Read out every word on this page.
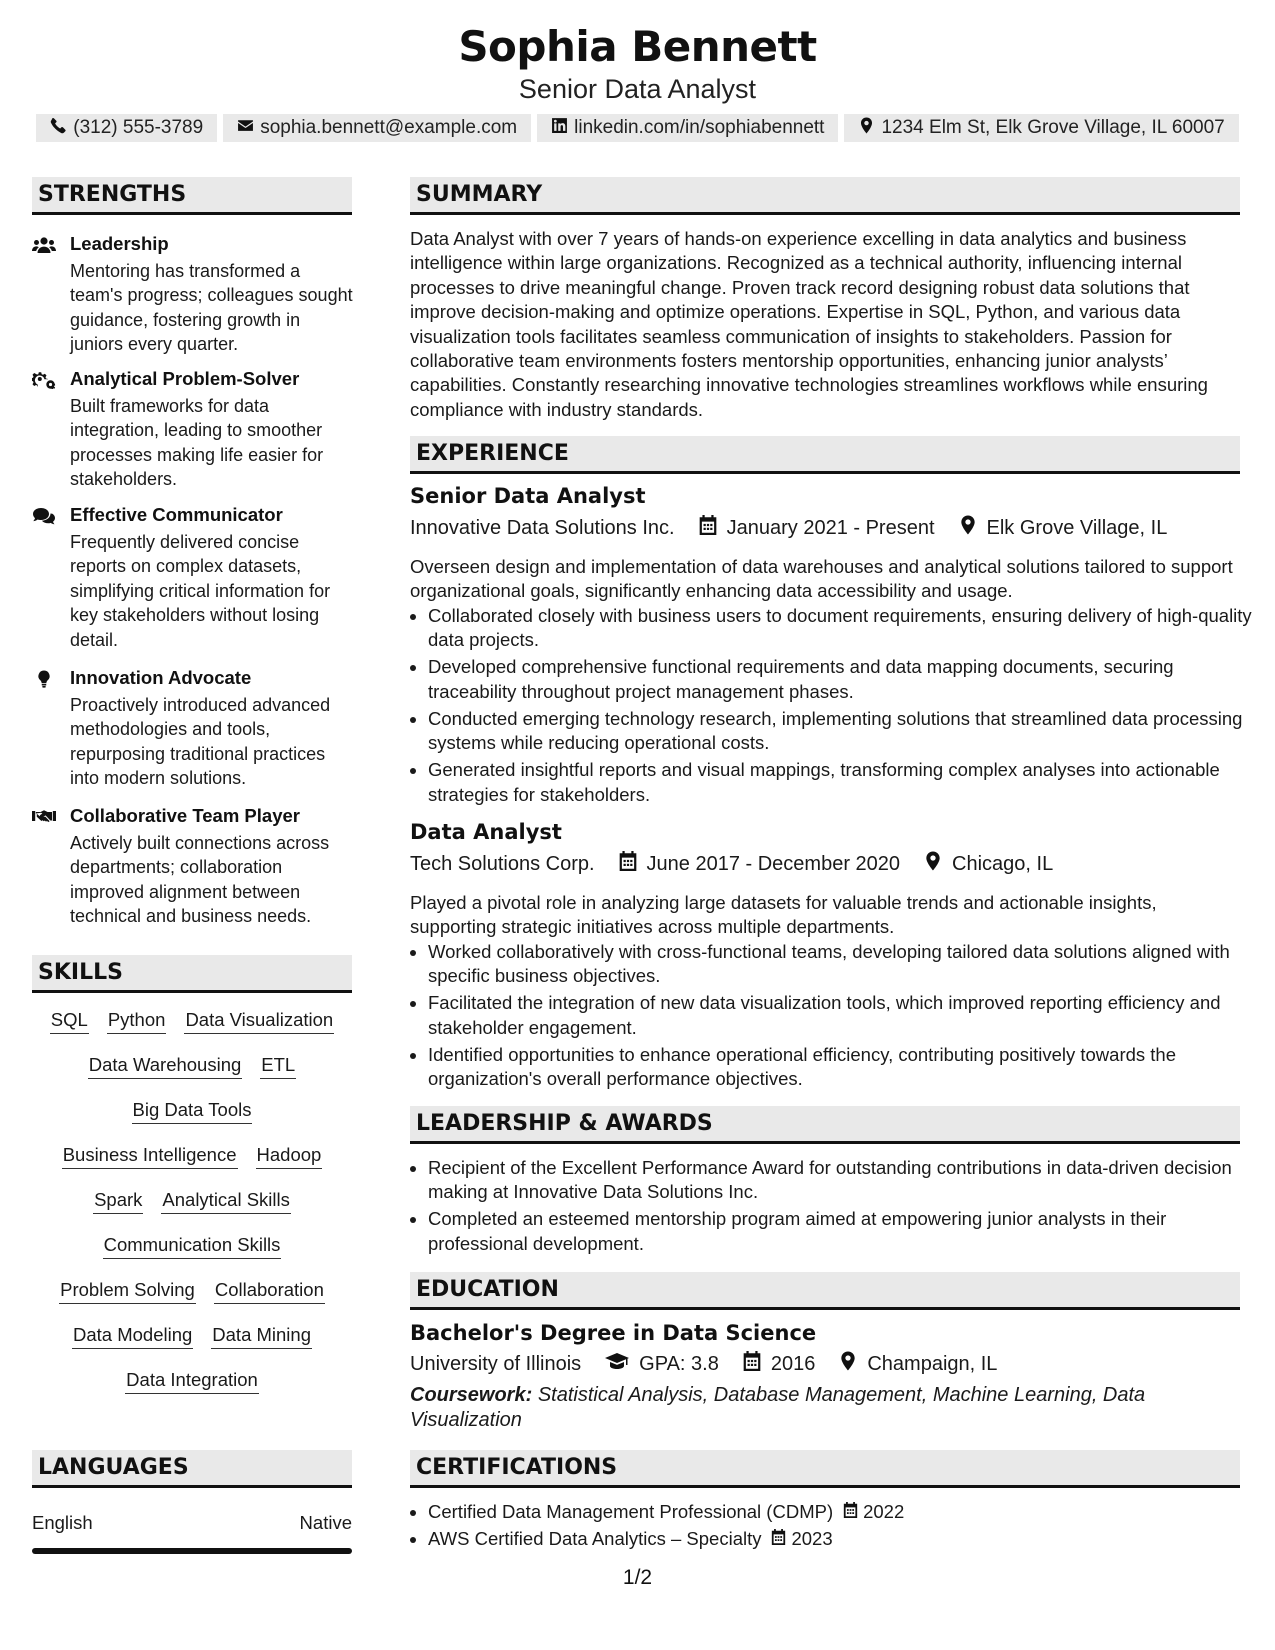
Sophia Bennett
Senior Data Analyst
(312) 555-3789	sophia.bennett@example.com	linkedin.com/in/sophiabennett	1234 Elm St, Elk Grove Village, IL 60007
STRENGTHS
Leadership
Mentoring has transformed a team's progress; colleagues sought guidance, fostering growth in juniors every quarter.
Analytical Problem-Solver
Built frameworks for data integration, leading to smoother processes making life easier for stakeholders.
Effective Communicator
Frequently delivered concise reports on complex datasets, simplifying critical information for key stakeholders without losing detail.
Innovation Advocate
Proactively introduced advanced methodologies and tools, repurposing traditional practices into modern solutions.
Collaborative Team Player
Actively built connections across departments; collaboration improved alignment between technical and business needs.
SKILLS
SQL Python Data Visualization
Data Warehousing ETL
Big Data Tools
Business Intelligence Hadoop
Spark Analytical Skills
Communication Skills
Problem Solving Collaboration
Data Modeling Data Mining
Data Integration
LANGUAGES
English	Native
SUMMARY
Data Analyst with over 7 years of hands-on experience excelling in data analytics and business intelligence within large organizations. Recognized as a technical authority, influencing internal processes to drive meaningful change. Proven track record designing robust data solutions that improve decision-making and optimize operations. Expertise in SQL, Python, and various data visualization tools facilitates seamless communication of insights to stakeholders. Passion for collaborative team environments fosters mentorship opportunities, enhancing junior analysts’ capabilities. Constantly researching innovative technologies streamlines workflows while ensuring compliance with industry standards.
EXPERIENCE
Senior Data Analyst
Innovative Data Solutions Inc.	January 2021 - Present	Elk Grove Village, IL
Overseen design and implementation of data warehouses and analytical solutions tailored to support organizational goals, significantly enhancing data accessibility and usage.
• Collaborated closely with business users to document requirements, ensuring delivery of high-quality data projects.
• Developed comprehensive functional requirements and data mapping documents, securing traceability throughout project management phases.
• Conducted emerging technology research, implementing solutions that streamlined data processing systems while reducing operational costs.
• Generated insightful reports and visual mappings, transforming complex analyses into actionable strategies for stakeholders.
Data Analyst
Tech Solutions Corp.	June 2017 - December 2020	Chicago, IL
Played a pivotal role in analyzing large datasets for valuable trends and actionable insights, supporting strategic initiatives across multiple departments.
• Worked collaboratively with cross-functional teams, developing tailored data solutions aligned with specific business objectives.
• Facilitated the integration of new data visualization tools, which improved reporting efficiency and stakeholder engagement.
• Identified opportunities to enhance operational efficiency, contributing positively towards the organization's overall performance objectives.
LEADERSHIP & AWARDS
• Recipient of the Excellent Performance Award for outstanding contributions in data-driven decision making at Innovative Data Solutions Inc.
• Completed an esteemed mentorship program aimed at empowering junior analysts in their professional development.
EDUCATION
Bachelor's Degree in Data Science
University of Illinois	GPA: 3.8	2016	Champaign, IL
Coursework: Statistical Analysis, Database Management, Machine Learning, Data Visualization
CERTIFICATIONS
• Certified Data Management Professional (CDMP) 2022
• AWS Certified Data Analytics – Specialty 2023
1/2
